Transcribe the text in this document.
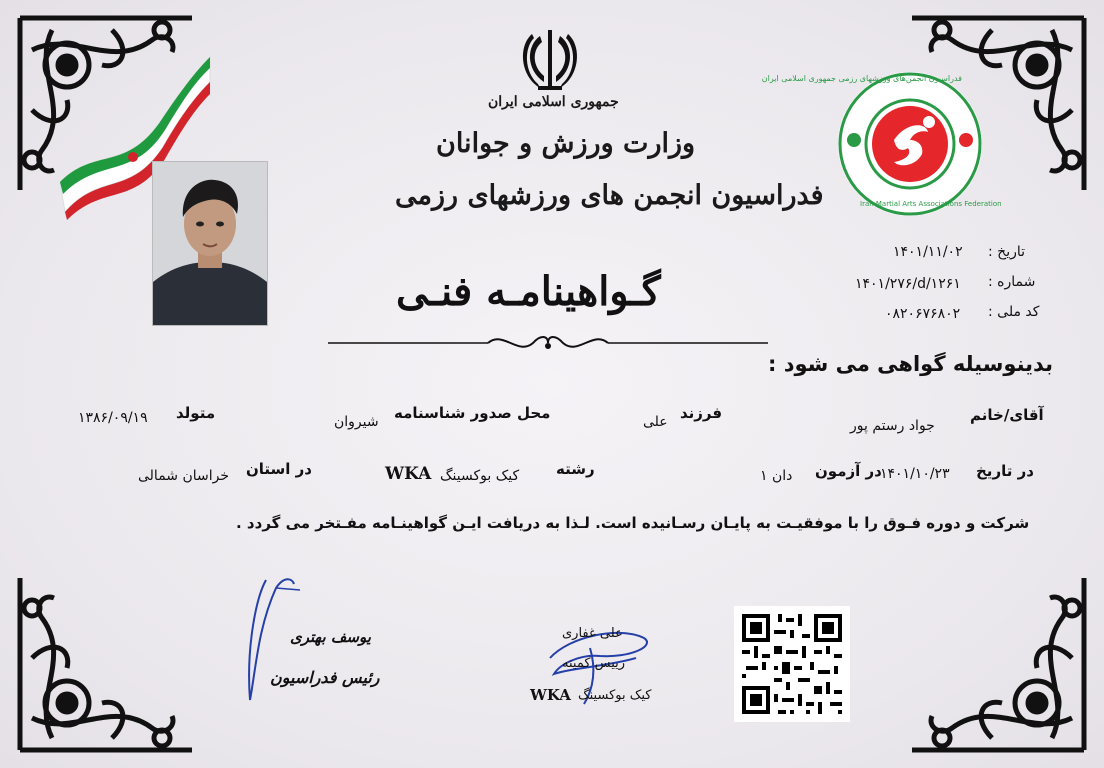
جمهوری اسلامی ایران
وزارت ورزش و جوانان
فدراسیون انجمن های ورزشهای رزمی
فدراسیون انجمن‌های ورزشهای رزمی جمهوری اسلامی ایران
Iran Martial Arts Associations Federation
گـواهینامـه فنـی
تاریخ :
۱۴۰۱/۱۱/۰۲
شماره :
۱۴۰۱/۲۷۶/d/۱۲۶۱
کد ملی :
۰۸۲۰۶۷۶۸۰۲
بدینوسیله گواهی می شود :
آقای/خانم
جواد رستم پور
فرزند
علی
محل صدور شناسنامه
شیروان
متولد
۱۳۸۶/۰۹/۱۹
در تاریخ
۱۴۰۱/۱۰/۲۳
در آزمون
دان ۱
رشته
کیک بوکسینگ
WKA
در استان
خراسان شمالی
شرکت و دوره فـوق را با موفقیـت به پایـان رسـانیده است. لـذا به دریافت ایـن گواهینـامه مفـتخر می گردد .
یوسف بهتری
رئیس فدراسیون
علی غفاری
رییس کمیته
کیک بوکسینگ
WKA
